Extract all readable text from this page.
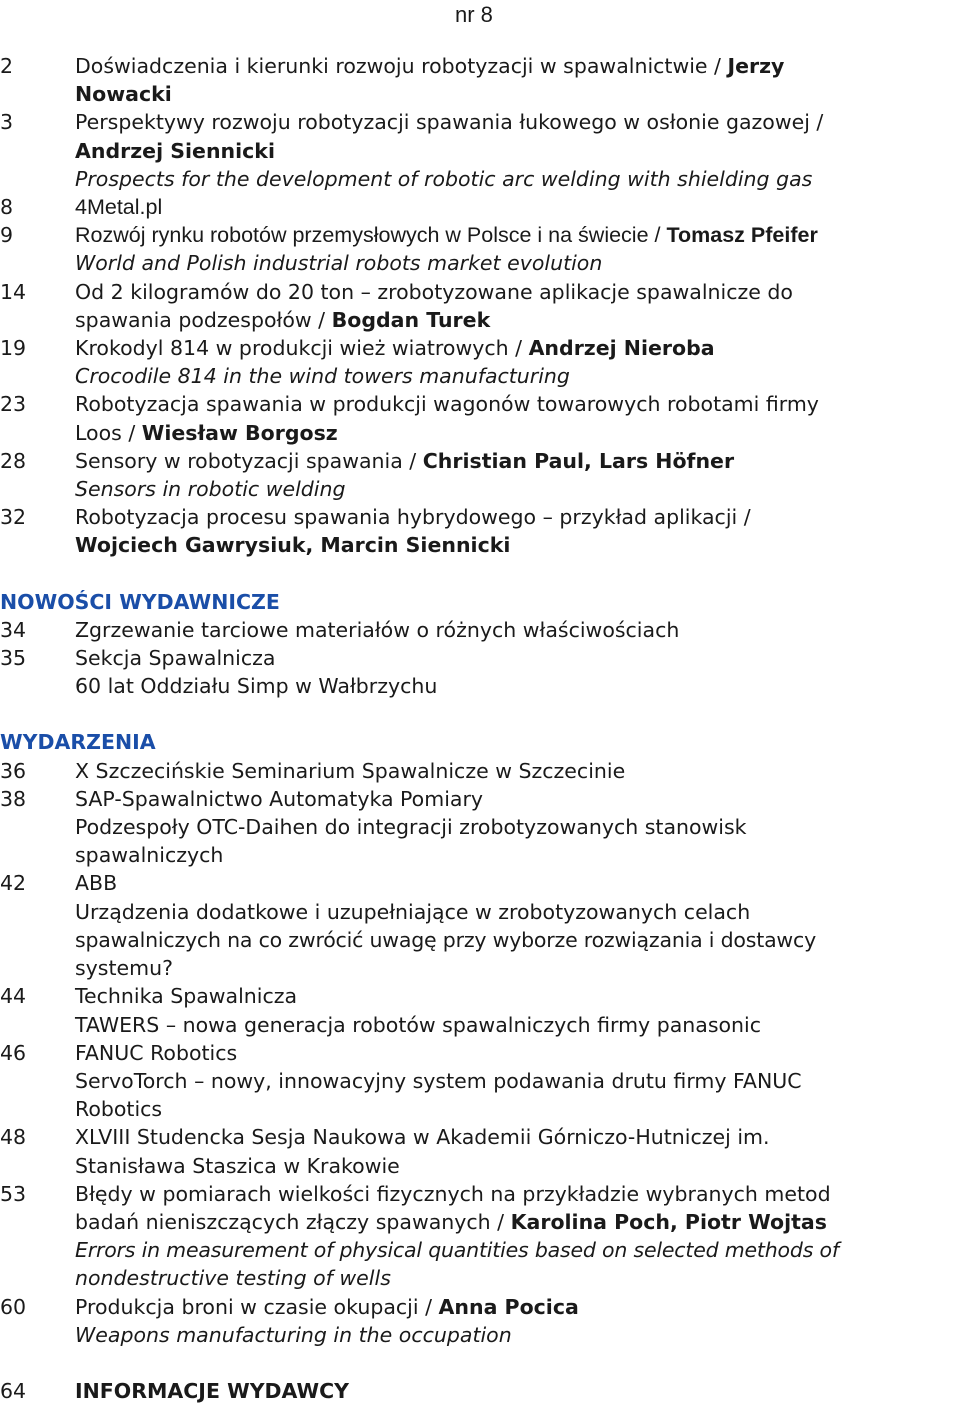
nr 8
2	Doświadczenia i kierunki rozwoju robotyzacji w spawalnictwie / Jerzy
Nowacki
3	Perspektywy rozwoju robotyzacji spawania łukowego w osłonie gazowej /
Andrzej Siennicki
Prospects for the development of robotic arc welding with shielding gas
8	4Metal.pl
9	Rozwój rynku robotów przemysłowych w Polsce i na świecie / Tomasz Pfeifer
World and Polish industrial robots market evolution
14	Od 2 kilogramów do 20 ton – zrobotyzowane aplikacje spawalnicze do
spawania podzespołów / Bogdan Turek
19	Krokodyl 814 w produkcji wież wiatrowych / Andrzej Nieroba
Crocodile 814 in the wind towers manufacturing
23	Robotyzacja spawania w produkcji wagonów towarowych robotami firmy
Loos / Wiesław Borgosz
28	Sensory w robotyzacji spawania / Christian Paul, Lars Höfner
Sensors in robotic welding
32	Robotyzacja procesu spawania hybrydowego – przykład aplikacji /
Wojciech Gawrysiuk, Marcin Siennicki
NOWOŚCI WYDAWNICZE
34	Zgrzewanie tarciowe materiałów o różnych właściwościach
35	Sekcja Spawalnicza
60 lat Oddziału Simp w Wałbrzychu
WYDARZENIA
36	X Szczecińskie Seminarium Spawalnicze w Szczecinie
38	SAP-Spawalnictwo Automatyka Pomiary
Podzespoły OTC-Daihen do integracji zrobotyzowanych stanowisk
spawalniczych
42	ABB
Urządzenia dodatkowe i uzupełniające w zrobotyzowanych celach
spawalniczych na co zwrócić uwagę przy wyborze rozwiązania i dostawcy
systemu?
44	Technika Spawalnicza
TAWERS – nowa generacja robotów spawalniczych firmy panasonic
46	FANUC Robotics
ServoTorch – nowy, innowacyjny system podawania drutu firmy FANUC
Robotics
48	XLVIII Studencka Sesja Naukowa w Akademii Górniczo-Hutniczej im.
Stanisława Staszica w Krakowie
53	Błędy w pomiarach wielkości fizycznych na przykładzie wybranych metod
badań nieniszczących złączy spawanych / Karolina Poch, Piotr Wojtas
Errors in measurement of physical quantities based on selected methods of
nondestructive testing of wells
60	Produkcja broni w czasie okupacji / Anna Pocica
Weapons manufacturing in the occupation
64	INFORMACJE WYDAWCY
